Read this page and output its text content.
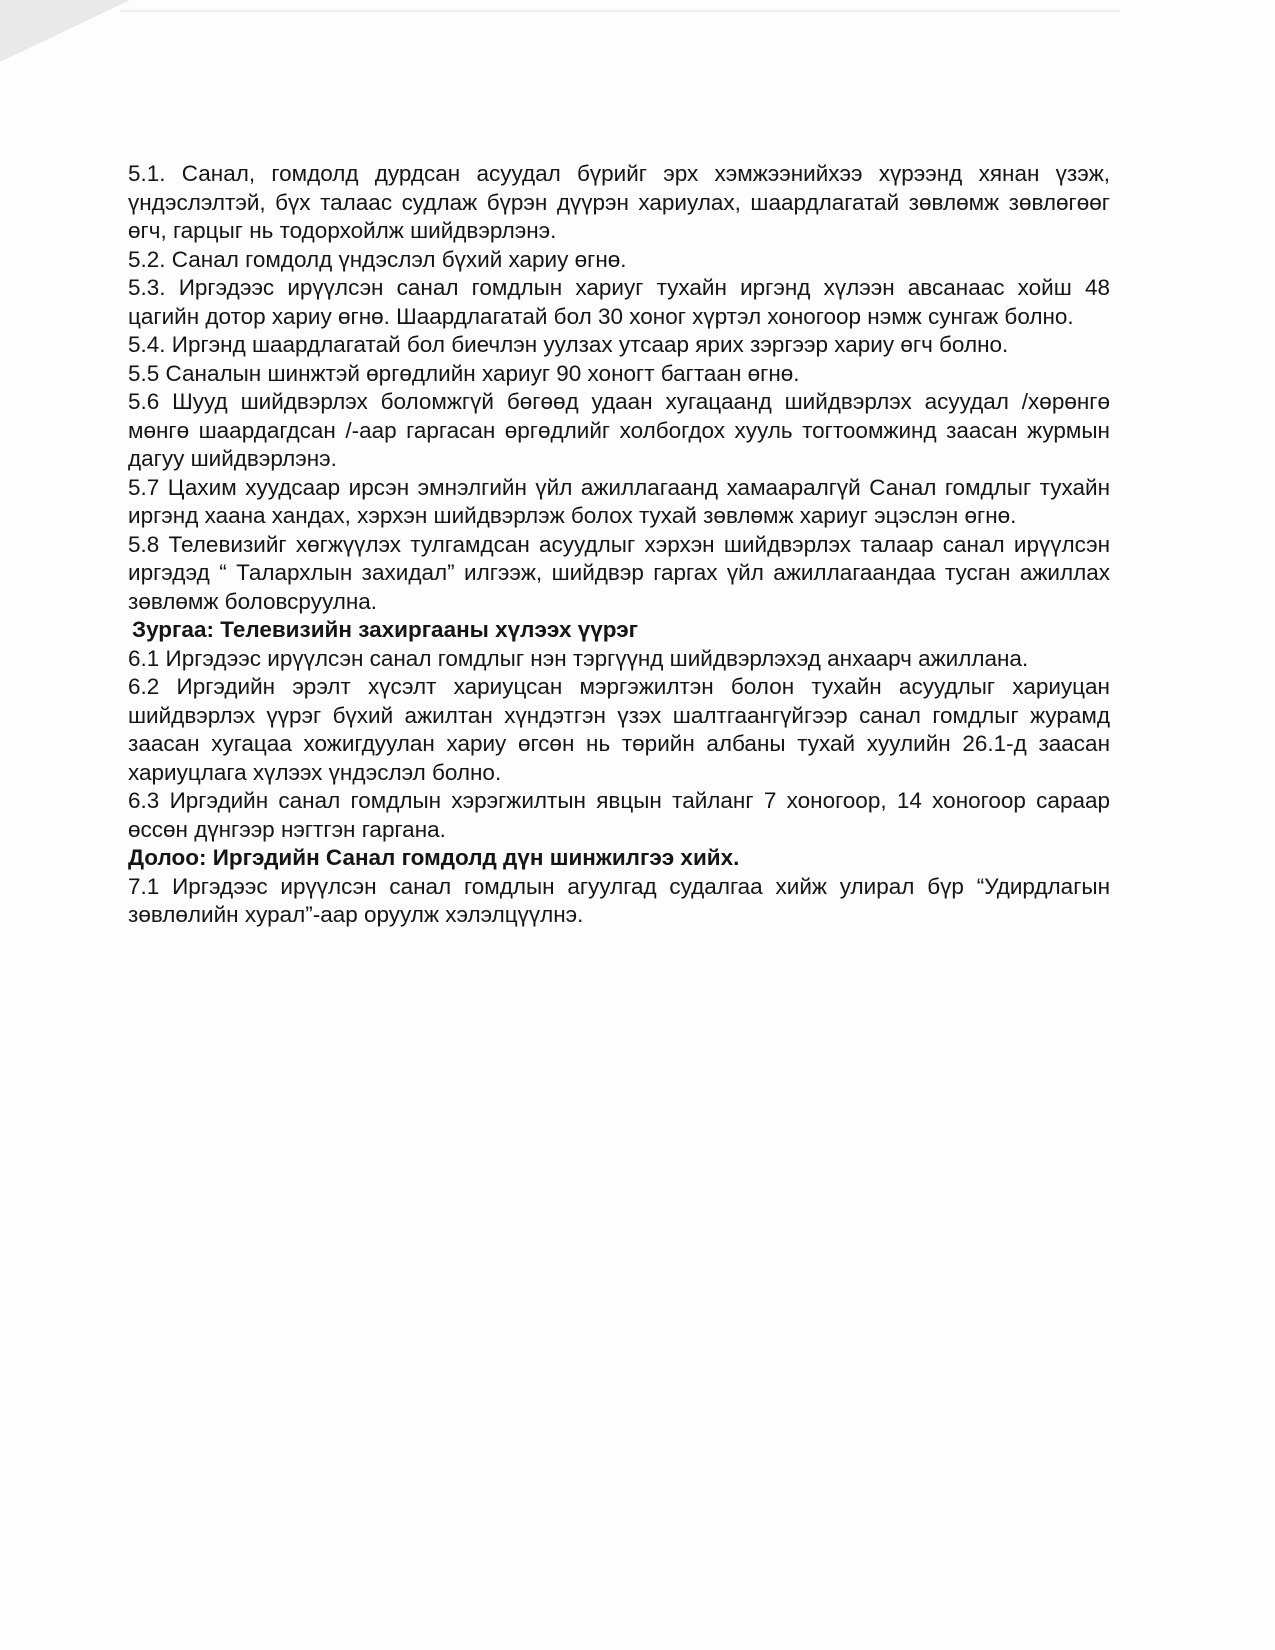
5.1. Санал, гомдолд дурдсан асуудал бүрийг эрх хэмжээнийхээ хүрээнд хянан үзэж, үндэслэлтэй, бүх талаас судлаж бүрэн дүүрэн хариулах, шаардлагатай зөвлөмж зөвлөгөөг өгч, гарцыг нь тодорхойлж шийдвэрлэнэ.

5.2. Санал гомдолд үндэслэл бүхий хариу өгнө.

5.3. Иргэдээс ирүүлсэн санал гомдлын хариуг тухайн иргэнд хүлээн авсанаас хойш 48 цагийн дотор хариу өгнө. Шаардлагатай бол 30 хоног хүртэл хоногоор нэмж сунгаж болно.

5.4. Иргэнд шаардлагатай бол биечлэн уулзах утсаар ярих зэргээр хариу өгч болно.

5.5 Саналын шинжтэй өргөдлийн хариуг 90 хоногт багтаан өгнө.

5.6 Шууд шийдвэрлэх боломжгүй бөгөөд удаан хугацаанд шийдвэрлэх асуудал /хөрөнгө мөнгө шаардагдсан /-аар гаргасан өргөдлийг холбогдох хууль тогтоомжинд заасан журмын дагуу шийдвэрлэнэ.

5.7 Цахим хуудсаар ирсэн эмнэлгийн үйл ажиллагаанд хамааралгүй Санал гомдлыг тухайн иргэнд хаана хандах, хэрхэн шийдвэрлэж болох тухай зөвлөмж хариуг эцэслэн өгнө.

5.8 Телевизийг хөгжүүлэх тулгамдсан асуудлыг хэрхэн шийдвэрлэх талаар санал ирүүлсэн иргэдэд “ Талархлын захидал” илгээж, шийдвэр гаргах үйл ажиллагаандаа тусган ажиллах зөвлөмж боловсруулна.

Зургаа: Телевизийн захиргааны хүлээх үүрэг

6.1 Иргэдээс ирүүлсэн санал гомдлыг нэн тэргүүнд шийдвэрлэхэд анхаарч ажиллана.

6.2 Иргэдийн эрэлт хүсэлт хариуцсан мэргэжилтэн болон тухайн асуудлыг хариуцан шийдвэрлэх үүрэг бүхий ажилтан хүндэтгэн үзэх шалтгаангүйгээр санал гомдлыг журамд заасан хугацаа хожигдуулан хариу өгсөн нь төрийн албаны тухай хуулийн 26.1-д заасан хариуцлага хүлээх үндэслэл болно.

6.3 Иргэдийн санал гомдлын хэрэгжилтын явцын тайланг 7 хоногоор, 14 хоногоор сараар өссөн дүнгээр нэгтгэн гаргана.

Долоо: Иргэдийн Санал гомдолд дүн шинжилгээ хийх.

7.1 Иргэдээс ирүүлсэн санал гомдлын агуулгад судалгаа хийж улирал бүр “Удирдлагын зөвлөлийн хурал”-аар оруулж хэлэлцүүлнэ.
